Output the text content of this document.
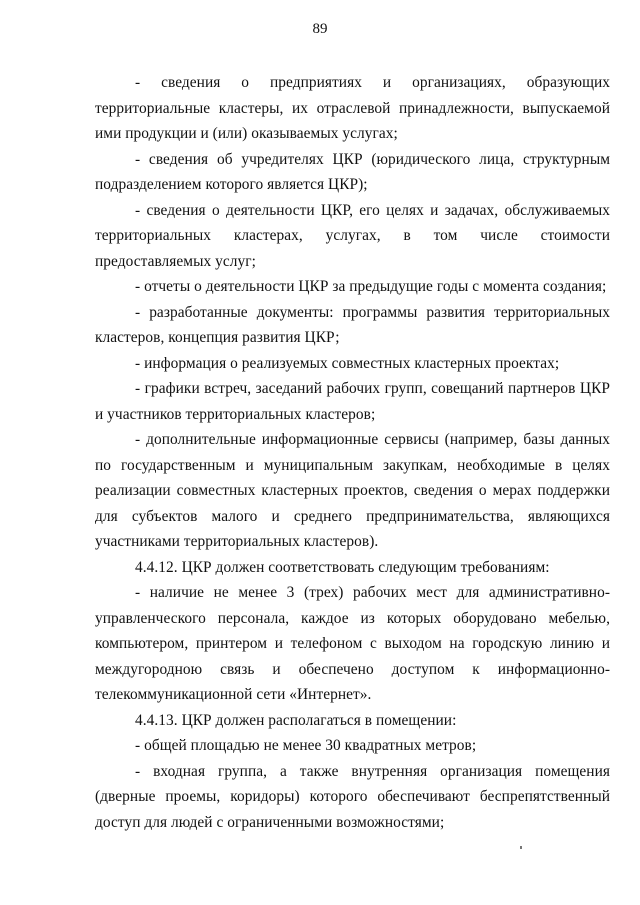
89

- сведения о предприятиях и организациях, образующих территориальные кластеры, их отраслевой принадлежности, выпускаемой ими продукции и (или) оказываемых услугах;

- сведения об учредителях ЦКР (юридического лица, структурным подразделением которого является ЦКР);

- сведения о деятельности ЦКР, его целях и задачах, обслуживаемых территориальных кластерах, услугах, в том числе стоимости предоставляемых услуг;

- отчеты о деятельности ЦКР за предыдущие годы с момента создания;

- разработанные документы: программы развития территориальных кластеров, концепция развития ЦКР;

- информация о реализуемых совместных кластерных проектах;

- графики встреч, заседаний рабочих групп, совещаний партнеров ЦКР и участников территориальных кластеров;

- дополнительные информационные сервисы (например, базы данных по государственным и муниципальным закупкам, необходимые в целях реализации совместных кластерных проектов, сведения о мерах поддержки для субъектов малого и среднего предпринимательства, являющихся участниками территориальных кластеров).

4.4.12. ЦКР должен соответствовать следующим требованиям:

- наличие не менее 3 (трех) рабочих мест для административно-управленческого персонала, каждое из которых оборудовано мебелью, компьютером, принтером и телефоном с выходом на городскую линию и междугородною связь и обеспечено доступом к информационно-телекоммуникационной сети «Интернет».

4.4.13. ЦКР должен располагаться в помещении:

- общей площадью не менее 30 квадратных метров;

- входная группа, а также внутренняя организация помещения (дверные проемы, коридоры) которого обеспечивают беспрепятственный доступ для людей с ограниченными возможностями;
